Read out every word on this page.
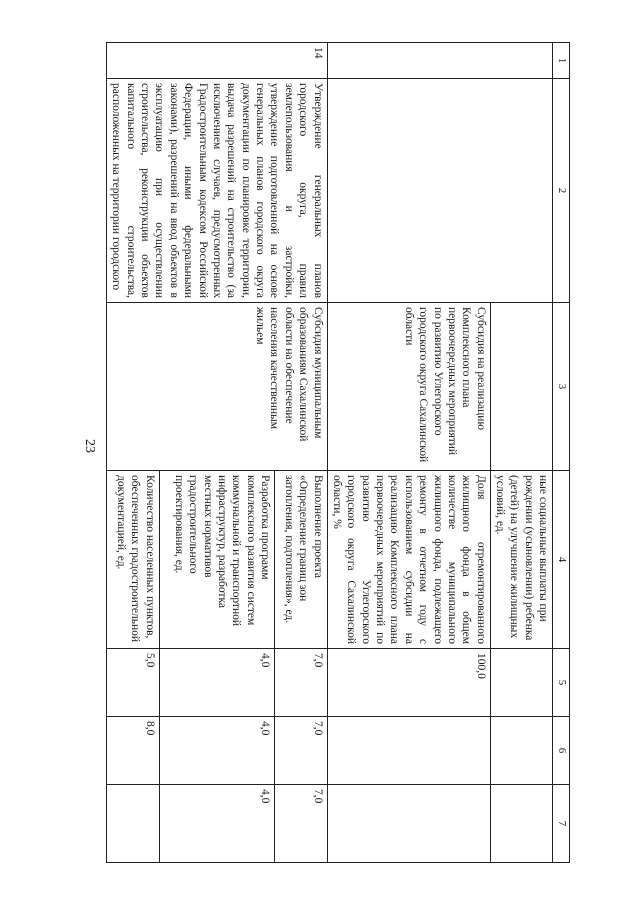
23
1	2	3	4	5	6	7
			ные социальные выплаты при рождении (усыновлении) ребенка (детей) на улучшение жилищных условий, ед.			
		Субсидия на реализацию Комплексного плана первоочередных мероприятий по развитию Углегорского городского округа Сахалинской области	Доля отремонтированного жилищного фонда в общем количестве муниципального жилищного фонда, подлежащего ремонту в отчетном году с использованием субсидии на реализацию Комплексного плана первоочередных мероприятий по развитию Углегорского городского округа Сахалинской области, %	100,0		
14	Утверждение генеральных планов городского округа, правил землепользования и застройки, утверждение подготовленной на основе генеральных планов городского округа документации по планировке территории, выдача разрешений на строительство (за исключением случаев, предусмотренных Градостроительным кодексом Российской Федерации, иными федеральными законами), разрешений на ввод объектов в эксплуатацию при осуществлении строительства, реконструкции объектов капитального строительства, расположенных на территории городского	Субсидия муниципальным образованиям Сахалинской области на обеспечение населения качественным жильем	Выполнение проекта «Определение границ зон затопления, подтопления», ед.	7,0	7,0	7,0
			Разработка программ комплексного развития систем коммунальной и транспортной инфраструктур, разработка местных нормативов градостроительного проектирования, ед.	4,0	4,0	4,0
			Количество населенных пунктов, обеспеченных градостроительной документацией, ед.	5,0	8,0	
